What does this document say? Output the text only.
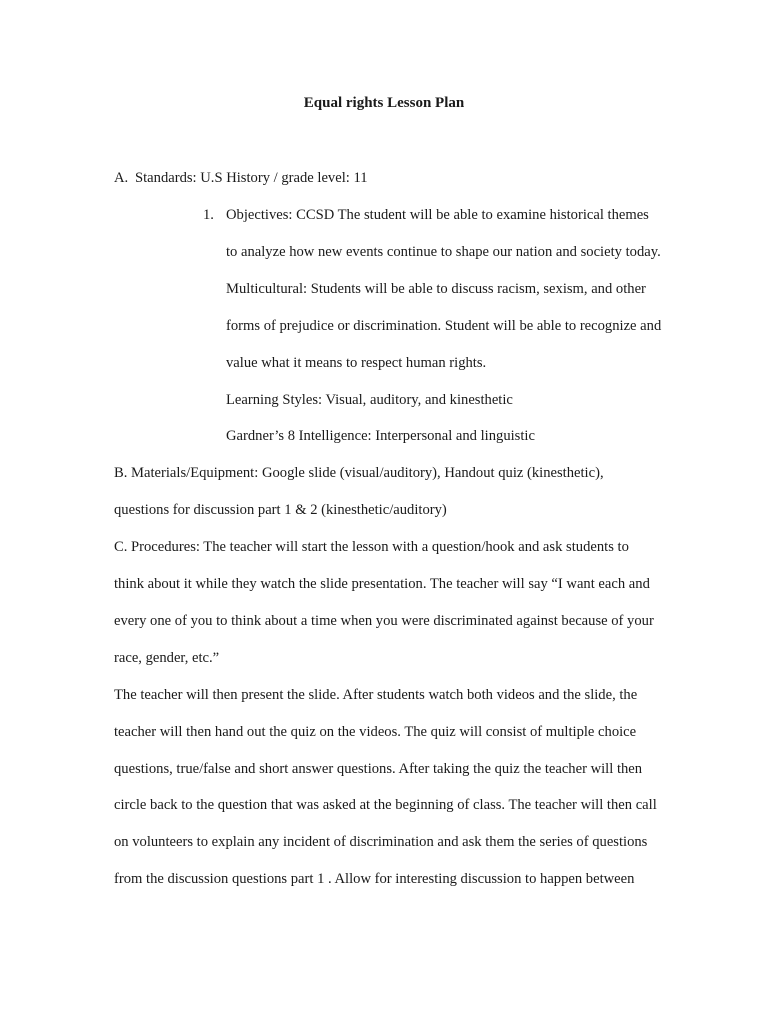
Equal rights Lesson Plan
A. Standards: U.S History / grade level: 11
1. Objectives: CCSD The student will be able to examine historical themes
to analyze how new events continue to shape our nation and society today.
Multicultural: Students will be able to discuss racism, sexism, and other
forms of prejudice or discrimination. Student will be able to recognize and
value what it means to respect human rights.
Learning Styles: Visual, auditory, and kinesthetic
Gardner’s 8 Intelligence: Interpersonal and linguistic
B. Materials/Equipment: Google slide (visual/auditory), Handout quiz (kinesthetic),
questions for discussion part 1 & 2 (kinesthetic/auditory)
C. Procedures: The teacher will start the lesson with a question/hook and ask students to
think about it while they watch the slide presentation. The teacher will say “I want each and
every one of you to think about a time when you were discriminated against because of your
race, gender, etc.”
The teacher will then present the slide. After students watch both videos and the slide, the
teacher will then hand out the quiz on the videos. The quiz will consist of multiple choice
questions, true/false and short answer questions. After taking the quiz the teacher will then
circle back to the question that was asked at the beginning of class. The teacher will then call
on volunteers to explain any incident of discrimination and ask them the series of questions
from the discussion questions part 1 . Allow for interesting discussion to happen between
